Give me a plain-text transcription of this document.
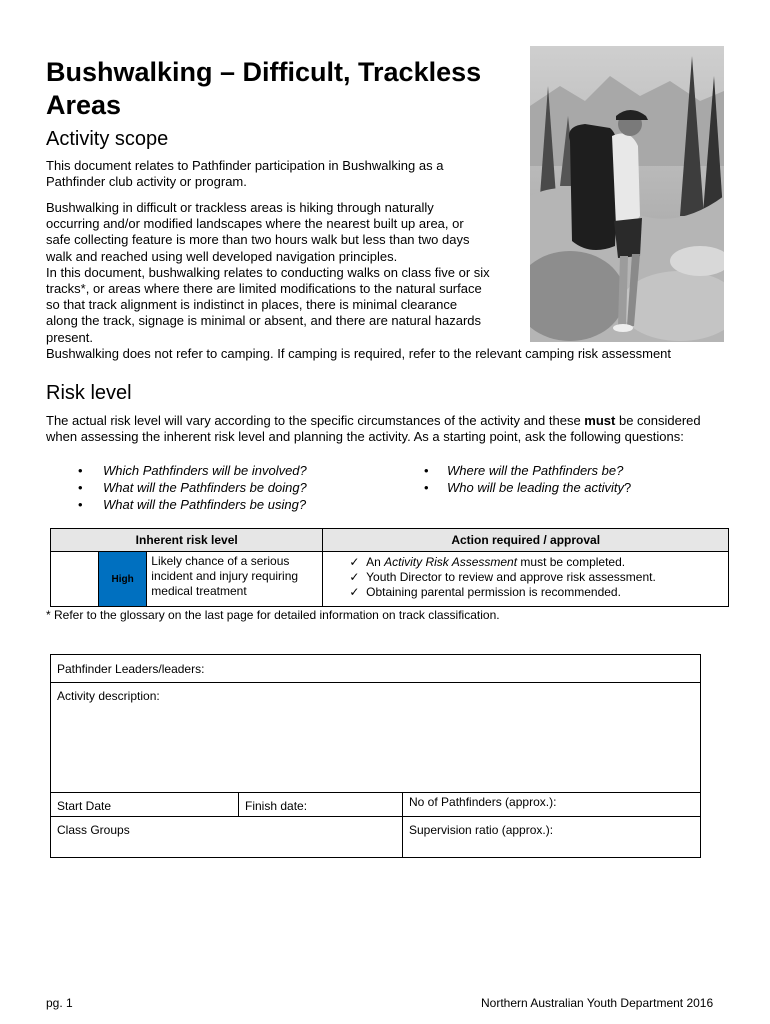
Bushwalking – Difficult, Trackless Areas
Activity scope
This document relates to Pathfinder participation in Bushwalking as a Pathfinder club activity or program.
Bushwalking in difficult or trackless areas is hiking through naturally
occurring and/or modified landscapes where the nearest built up area, or
safe collecting feature is more than two hours walk but less than two days
walk and reached using well developed navigation principles.
In this document, bushwalking relates to conducting walks on class five or six
tracks*, or areas where there are limited modifications to the natural surface
so that track alignment is indistinct in places, there is minimal clearance
along the track, signage is minimal or absent, and there are natural hazards
present.
Bushwalking does not refer to camping. If camping is required, refer to the relevant camping risk assessment
Risk level
The actual risk level will vary according to the specific circumstances of the activity and these must be considered when assessing the inherent risk level and planning the activity. As a starting point, ask the following questions:
• Which Pathfinders will be involved?
• What will the Pathfinders be doing?
• What will the Pathfinders be using?
• Where will the Pathfinders be?
• Who will be leading the activity?
Inherent risk level			Action required / approval
	High	Likely chance of a serious incident and injury requiring medical treatment	✓ An Activity Risk Assessment must be completed.
✓ Youth Director to review and approve risk assessment.
✓ Obtaining parental permission is recommended.
* Refer to the glossary on the last page for detailed information on track classification.
Pathfinder Leaders/leaders:
Activity description:
Start Date	Finish date:	No of Pathfinders (approx.):
Class Groups	Supervision ratio (approx.):
pg. 1	Northern Australian Youth Department 2016
